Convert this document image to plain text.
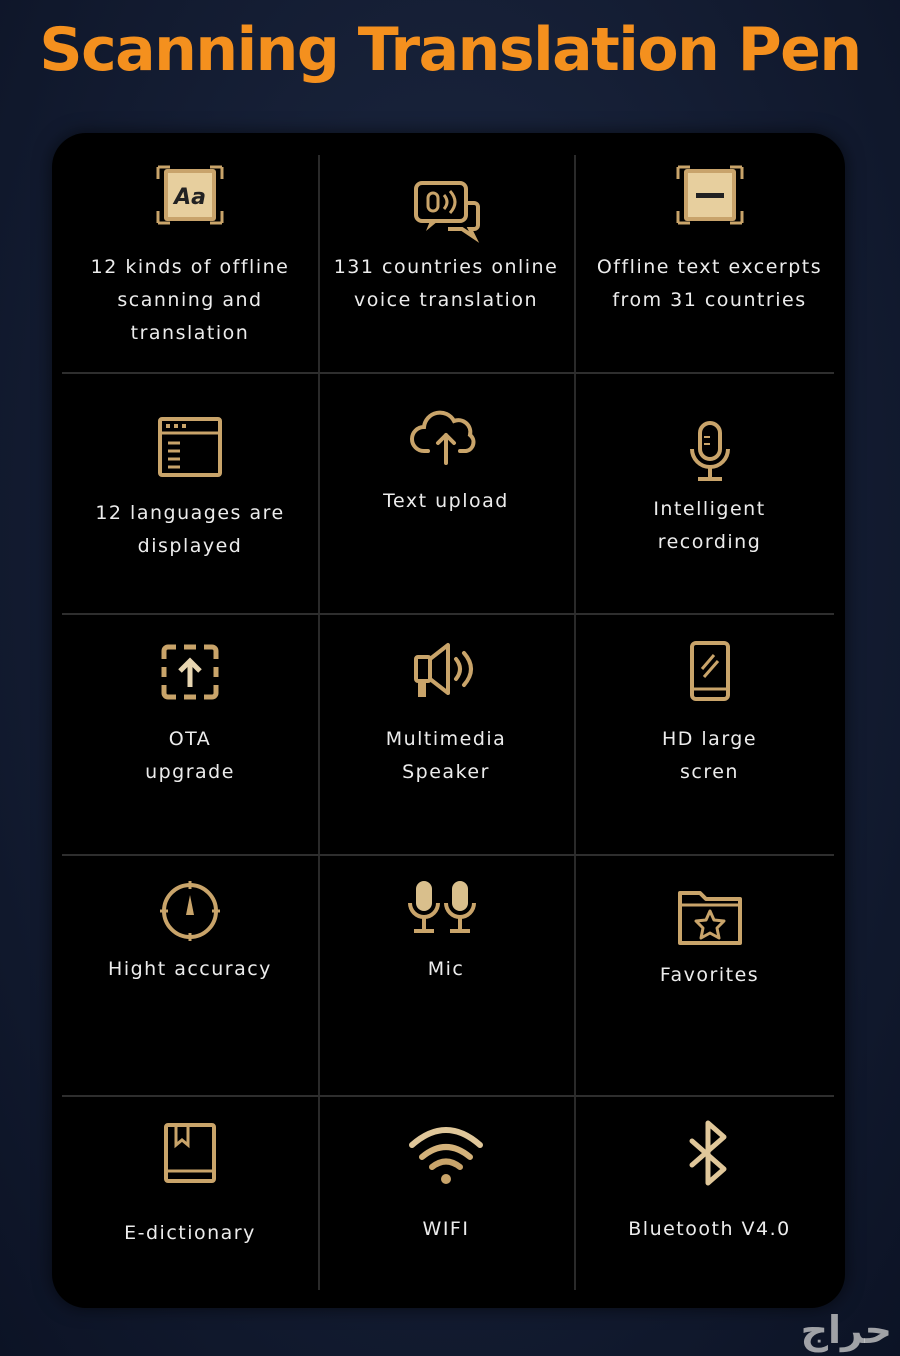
Scanning Translation Pen
Aa
12 kinds of offline
scanning and
translation
131 countries online
voice translation
Offline text excerpts
from 31 countries
12 languages are
displayed
Text upload	Intelligent
recording
OTA
upgrade
Multimedia
Speaker
HD large
scren
Hight accuracy	Mic	Favorites
E-dictionary	WIFI	Bluetooth V4.0
حراج
